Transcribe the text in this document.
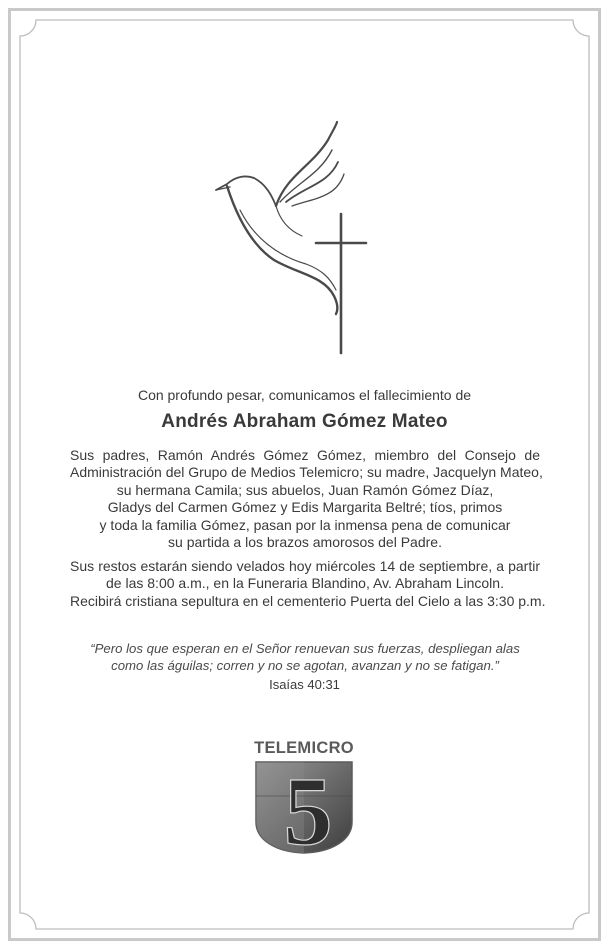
Con profundo pesar, comunicamos el fallecimiento de
Andrés Abraham Gómez Mateo
Sus padres, Ramón Andrés Gómez Gómez, miembro del Consejo de
Administración del Grupo de Medios Telemicro; su madre, Jacquelyn Mateo,
su hermana Camila; sus abuelos, Juan Ramón Gómez Díaz,
Gladys del Carmen Gómez y Edis Margarita Beltré; tíos, primos
y toda la familia Gómez, pasan por la inmensa pena de comunicar
su partida a los brazos amorosos del Padre.
Sus restos estarán siendo velados hoy miércoles 14 de septiembre, a partir
de las 8:00 a.m., en la Funeraria Blandino, Av. Abraham Lincoln.
Recibirá cristiana sepultura en el cementerio Puerta del Cielo a las 3:30 p.m.
“Pero los que esperan en el Señor renuevan sus fuerzas, despliegan alas
como las águilas; corren y no se agotan, avanzan y no se fatigan.”
Isaías 40:31
TELEMICRO
5
